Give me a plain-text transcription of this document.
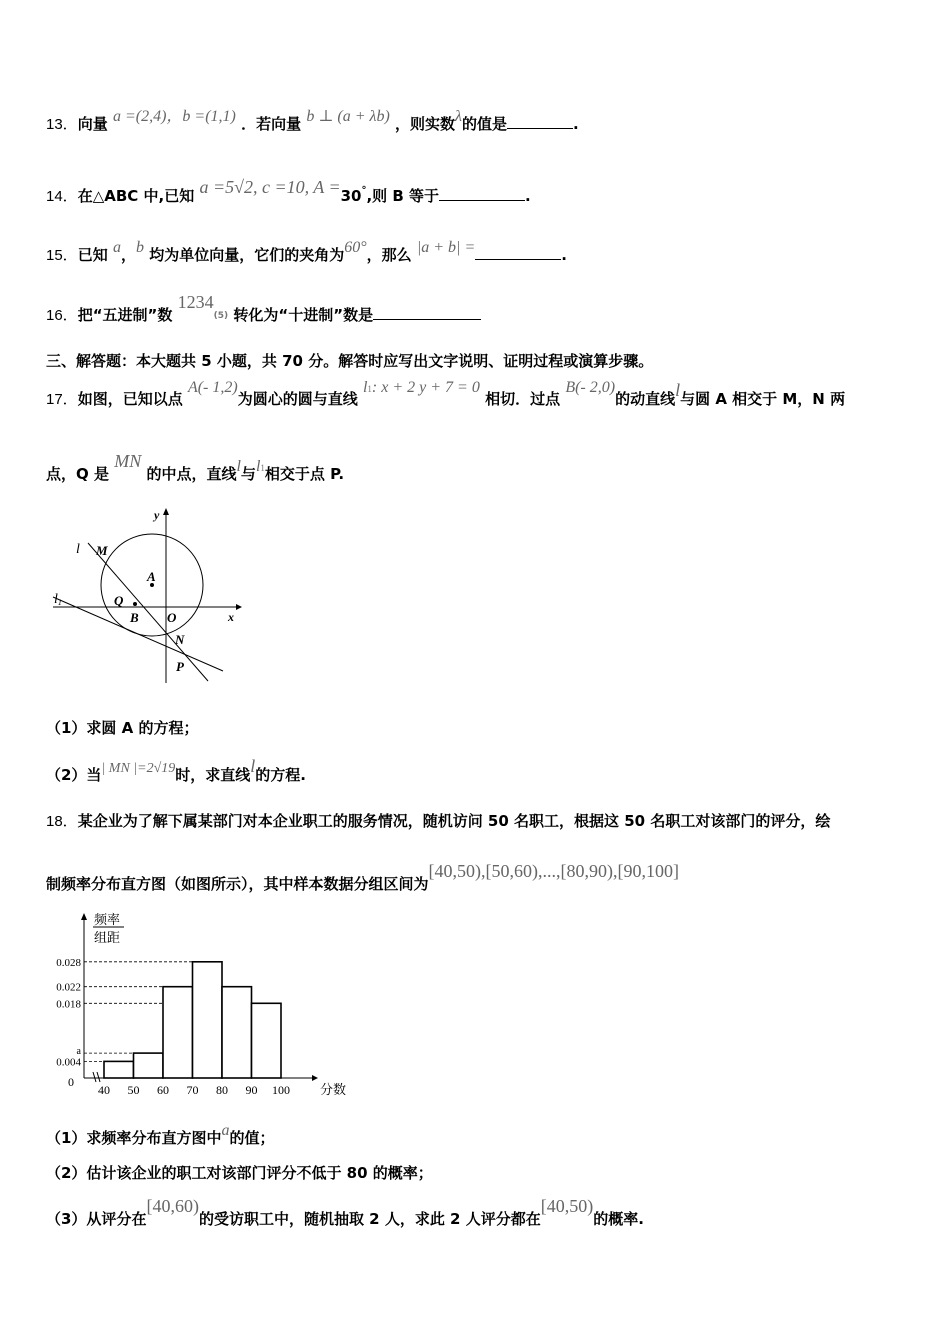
13．向量 a =(2,4)，b =(1,1) ．若向量 b ⊥ (a + λb) ，则实数λ的值是	.
14．在△ABC 中,已知 a =5√2, c =10, A =30°,则 B 等于	.
15．已知 a，b 均为单位向量，它们的夹角为60°，那么 |a + b| =	.
16．把“五进制”数 1234(5) 转化为“十进制”数是
三、解答题：本大题共 5 小题，共 70 分。解答时应写出文字说明、证明过程或演算步骤。
17．如图，已知以点 A(- 1,2)为圆心的圆与直线 l1: x + 2 y + 7 = 0 相切．过点 B(- 2,0)的动直线l与圆 A 相交于 M，N 两
点，Q 是 MN 的中点，直线l与l1相交于点 P.
y
x
l M
A
l1	Q
B O
N
P
（1）求圆 A 的方程；
（2）当| MN |=2√19时，求直线l的方程.
18．某企业为了解下属某部门对本企业职工的服务情况，随机访问 50 名职工，根据这 50 名职工对该部门的评分，绘
制频率分布直方图（如图所示），其中样本数据分组区间为[40,50),[50,60),...,[80,90),[90,100]
频率
组距
分数
0
0.028
0.022
0.018
a
0.004
40 50 60 70 80 90 100
（1）求频率分布直方图中a的值；
（2）估计该企业的职工对该部门评分不低于 80 的概率；
（3）从评分在[40,60)的受访职工中，随机抽取 2 人，求此 2 人评分都在[40,50)的概率.
